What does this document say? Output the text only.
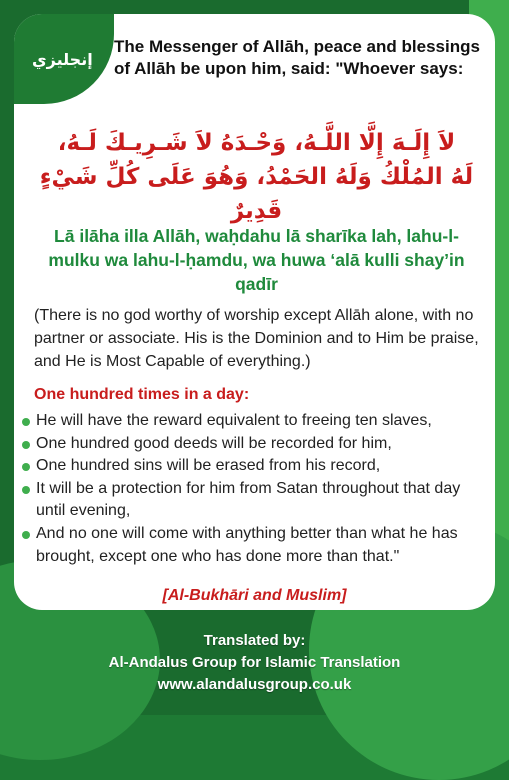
إنجليزي

The Messenger of Allāh, peace and blessings of Allāh be upon him, said: "Whoever says:

لاَ إِلَـهَ إِلَّا اللَّـهُ، وَحْـدَهُ لاَ شَـرِيـكَ لَـهُ،
لَهُ المُلْكُ وَلَهُ الحَمْدُ، وَهُوَ عَلَى كُلِّ شَيْءٍ قَدِيرٌ

Lā ilāha illa Allāh, waḥdahu lā sharīka lah, lahu-l-mulku wa lahu-l-ḥamdu, wa huwa ‘alā kulli shay’in qadīr

(There is no god worthy of worship except Allāh alone, with no partner or associate. His is the Dominion and to Him be praise, and He is Most Capable of everything.)

One hundred times in a day:

He will have the reward equivalent to freeing ten slaves,
One hundred good deeds will be recorded for him,
One hundred sins will be erased from his record,
It will be a protection for him from Satan throughout that day until evening,
And no one will come with anything better than what he has brought, except one who has done more than that."

[Al-Bukhāri and Muslim]

Translated by:
Al-Andalus Group for Islamic Translation
www.alandalusgroup.co.uk
